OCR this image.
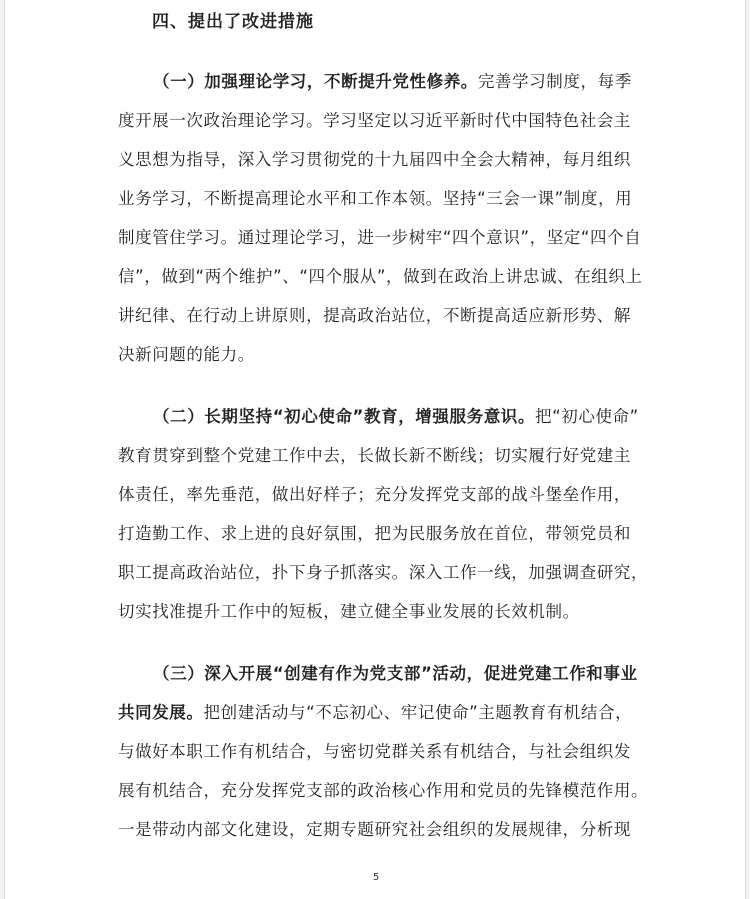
四、提出了改进措施
（一）加强理论学习，不断提升党性修养。完善学习制度，每季
度开展一次政治理论学习。学习坚定以习近平新时代中国特色社会主
义思想为指导，深入学习贯彻党的十九届四中全会大精神，每月组织
业务学习，不断提高理论水平和工作本领。坚持“三会一课”制度，用
制度管住学习。通过理论学习，进一步树牢“四个意识”，坚定“四个自
信”，做到“两个维护”、“四个服从”，做到在政治上讲忠诚、在组织上
讲纪律、在行动上讲原则，提高政治站位，不断提高适应新形势、解
决新问题的能力。
（二）长期坚持“初心使命”教育，增强服务意识。把“初心使命”
教育贯穿到整个党建工作中去，长做长新不断线；切实履行好党建主
体责任，率先垂范，做出好样子；充分发挥党支部的战斗堡垒作用，
打造勤工作、求上进的良好氛围，把为民服务放在首位，带领党员和
职工提高政治站位，扑下身子抓落实。深入工作一线，加强调查研究，
切实找准提升工作中的短板，建立健全事业发展的长效机制。
（三）深入开展“创建有作为党支部”活动，促进党建工作和事业
共同发展。把创建活动与“不忘初心、牢记使命”主题教育有机结合，
与做好本职工作有机结合，与密切党群关系有机结合，与社会组织发
展有机结合，充分发挥党支部的政治核心作用和党员的先锋模范作用。
一是带动内部文化建设，定期专题研究社会组织的发展规律，分析现
5
